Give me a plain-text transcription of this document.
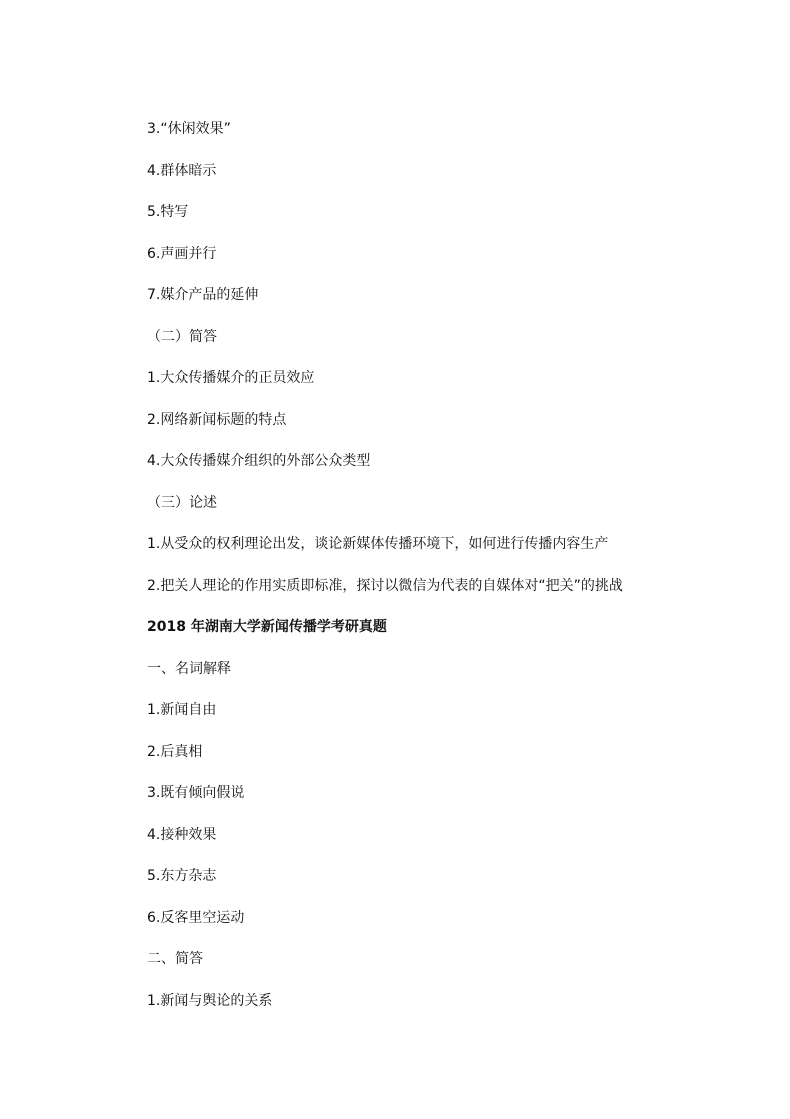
3.“休闲效果”
4.群体暗示
5.特写
6.声画并行
7.媒介产品的延伸
（二）简答
1.大众传播媒介的正员效应
2.网络新闻标题的特点
4.大众传播媒介组织的外部公众类型
（三）论述
1.从受众的权利理论出发，谈论新媒体传播环境下，如何进行传播内容生产
2.把关人理论的作用实质即标准，探讨以微信为代表的自媒体对“把关”的挑战
2018 年湖南大学新闻传播学考研真题
一、名词解释
1.新闻自由
2.后真相
3.既有倾向假说
4.接种效果
5.东方杂志
6.反客里空运动
二、简答
1.新闻与舆论的关系
